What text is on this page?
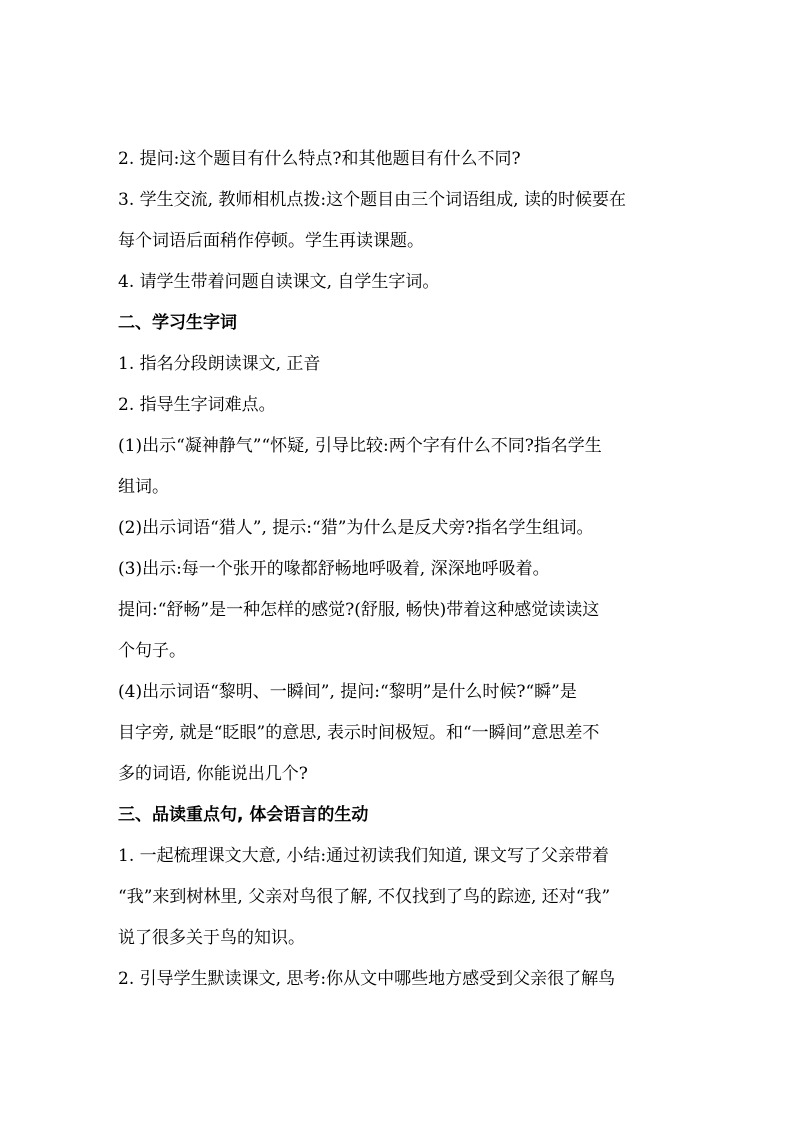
2. 提问:这个题目有什么特点?和其他题目有什么不同?

3. 学生交流, 教师相机点拨:这个题目由三个词语组成, 读的时候要在

每个词语后面稍作停顿。学生再读课题。

4. 请学生带着问题自读课文, 自学生字词。

二、学习生字词

1. 指名分段朗读课文, 正音

2. 指导生字词难点。

(1)出示“凝神静气”“怀疑, 引导比较:两个字有什么不同?指名学生

组词。

(2)出示词语“猎人”, 提示:“猎”为什么是反犬旁?指名学生组词。

(3)出示:每一个张开的喙都舒畅地呼吸着, 深深地呼吸着。

提问:“舒畅”是一种怎样的感觉?(舒服, 畅快)带着这种感觉读读这

个句子。

(4)出示词语“黎明、一瞬间”, 提问:“黎明”是什么时候?“瞬”是

目字旁, 就是“眨眼”的意思, 表示时间极短。和“一瞬间”意思差不

多的词语, 你能说出几个?

三、品读重点句, 体会语言的生动

1. 一起梳理课文大意, 小结:通过初读我们知道, 课文写了父亲带着

“我”来到树林里, 父亲对鸟很了解, 不仅找到了鸟的踪迹, 还对“我”

说了很多关于鸟的知识。

2. 引导学生默读课文, 思考:你从文中哪些地方感受到父亲很了解鸟
